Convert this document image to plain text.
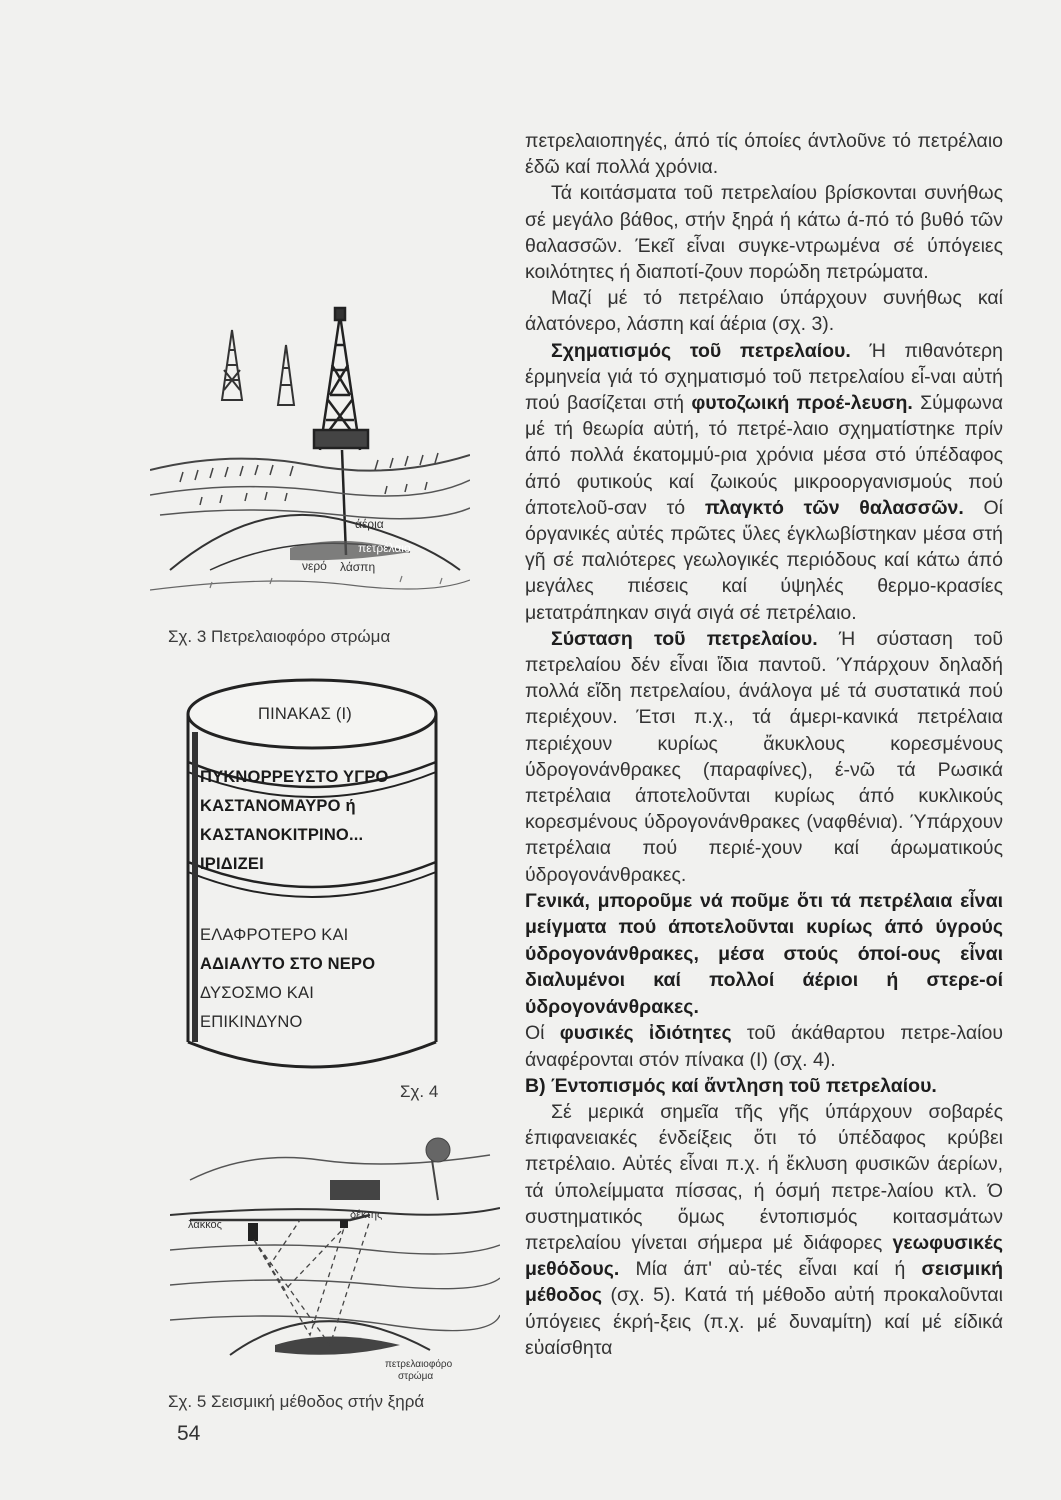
άέρια
πετρέλαιο
νερό λάσπη
Σχ. 3 Πετρελαιοφόρο στρώμα
ΠΙΝΑΚΑΣ (Ι)
ΠΥΚΝΟΡΡΕΥΣΤΟ ΥΓΡΟ
ΚΑΣΤΑΝΟΜΑΥΡΟ ή
ΚΑΣΤΑΝΟΚΙΤΡΙΝΟ...
ΙΡΙΔΙΖΕΙ
ΕΛΑΦΡΟΤΕΡΟ ΚΑΙ
ΑΔΙΑΛΥΤΟ ΣΤΟ ΝΕΡΟ
ΔΥΣΟΣΜΟ ΚΑΙ
ΕΠΙΚΙΝΔΥΝΟ
Σχ. 4
λάκκος
δέκτης
πετρελαιοφόρο
στρώμα
Σχ. 5 Σεισμική μέθοδος στήν ξηρά
54

πετρελαιοπηγές, άπό τίς όποίες άντλοῦνε τό πετρέλαιο έδῶ καί πολλά χρόνια.

Τά κοιτάσματα τοῦ πετρελαίου βρίσκονται συνήθως σέ μεγάλο βάθος, στήν ξηρά ή κάτω ά-πό τό βυθό τῶν θαλασσῶν. Έκεῖ εἶναι συγκε-ντρωμένα σέ ύπόγειες κοιλότητες ή διαποτί-ζουν πορώδη πετρώματα.

Μαζί μέ τό πετρέλαιο ύπάρχουν συνήθως καί άλατόνερο, λάσπη καί άέρια (σχ. 3).

Σχηματισμός τοῦ πετρελαίου. Ή πιθανότερη έρμηνεία γιά τό σχηματισμό τοῦ πετρελαίου εἶ-ναι αὐτή πού βασίζεται στή φυτοζωική προέ-λευση. Σύμφωνα μέ τή θεωρία αὐτή, τό πετρέ-λαιο σχηματίστηκε πρίν άπό πολλά έκατομμύ-ρια χρόνια μέσα στό ύπέδαφος άπό φυτικούς καί ζωικούς μικροοργανισμούς πού άποτελοῦ-σαν τό πλαγκτό τῶν θαλασσῶν. Οί όργανικές αὐτές πρῶτες ὕλες έγκλωβίστηκαν μέσα στή γῆ σέ παλιότερες γεωλογικές περιόδους καί κάτω άπό μεγάλες πιέσεις καί ύψηλές θερμο-κρασίες μετατράπηκαν σιγά σιγά σέ πετρέλαιο.

Σύσταση τοῦ πετρελαίου. Ή σύσταση τοῦ πετρελαίου δέν εἶναι ἴδια παντοῦ. Ύπάρχουν δηλαδή πολλά εἴδη πετρελαίου, άνάλογα μέ τά συστατικά πού περιέχουν. Έτσι π.χ., τά άμερι-κανικά πετρέλαια περιέχουν κυρίως ἄκυκλους κορεσμένους ύδρογονάνθρακες (παραφίνες), έ-νῶ τά Ρωσικά πετρέλαια άποτελοῦνται κυρίως άπό κυκλικούς κορεσμένους ύδρογονάνθρακες (ναφθένια). Ύπάρχουν πετρέλαια πού περιέ-χουν καί άρωματικούς ύδρογονάνθρακες.

Γενικά, μποροῦμε νά ποῦμε ὅτι τά πετρέλαια εἶναι μείγματα πού άποτελοῦνται κυρίως άπό ύγρούς ύδρογονάνθρακες, μέσα στούς όποί-ους εἶναι διαλυμένοι καί πολλοί άέριοι ή στερε-οί ύδρογονάνθρακες.

Οί φυσικές ἰδιότητες τοῦ άκάθαρτου πετρε-λαίου άναφέρονται στόν πίνακα (Ι) (σχ. 4).

Β) Έντοπισμός καί ἄντληση τοῦ πετρελαίου.

Σέ μερικά σημεῖα τῆς γῆς ύπάρχουν σοβαρές έπιφανειακές ένδείξεις ὅτι τό ύπέδαφος κρύβει πετρέλαιο. Αὐτές εἶναι π.χ. ή ἔκλυση φυσικῶν άερίων, τά ύπολείμματα πίσσας, ή όσμή πετρε-λαίου κτλ. Ό συστηματικός ὅμως έντοπισμός κοιτασμάτων πετρελαίου γίνεται σήμερα μέ διάφορες γεωφυσικές μεθόδους. Μία άπ' αὐ-τές εἶναι καί ή σεισμική μέθοδος (σχ. 5). Κατά τή μέθοδο αὐτή προκαλοῦνται ύπόγειες έκρή-ξεις (π.χ. μέ δυναμίτη) καί μέ είδικά εὐαίσθητα
